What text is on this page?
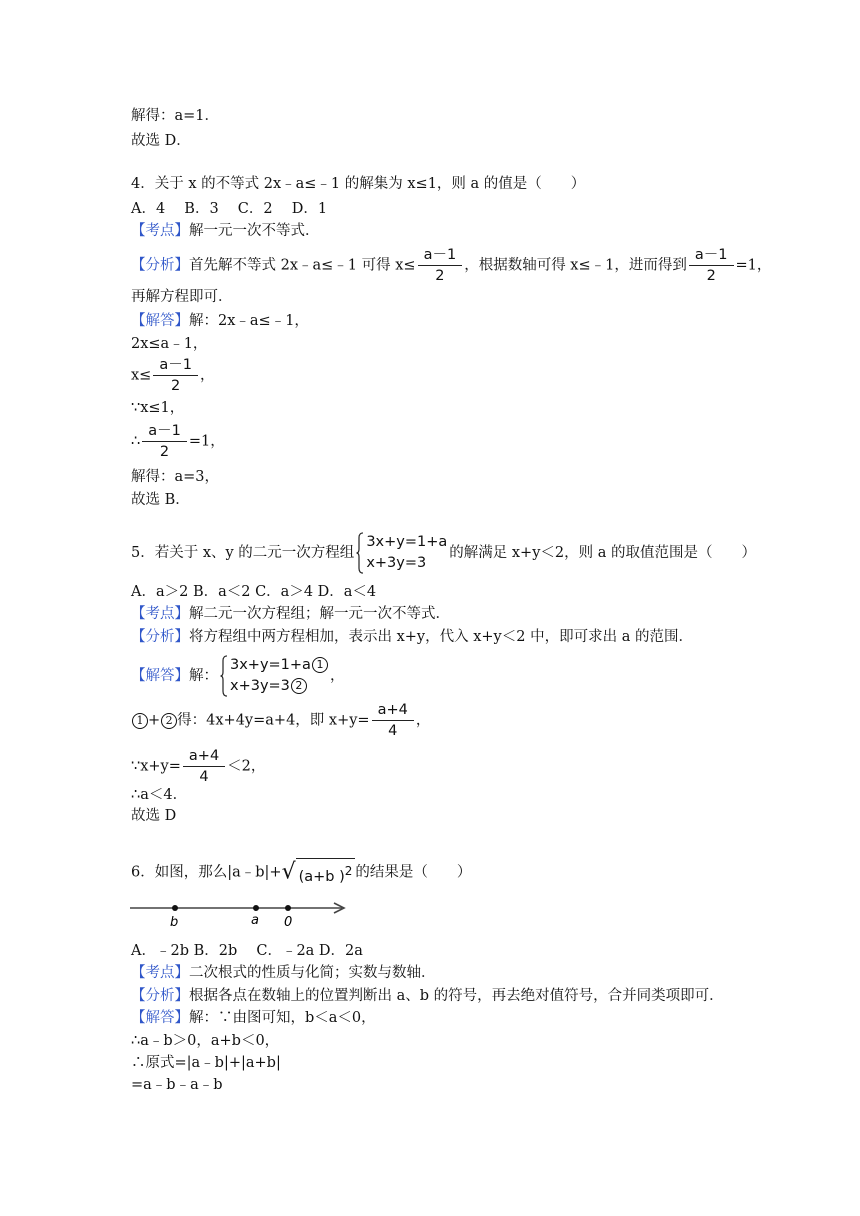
解得：a=1．
故选 D．
4．关于 x 的不等式 2x﹣a≤﹣1 的解集为 x≤1，则 a 的值是（　　）
A．4　 B．3　 C．2　 D．1
【考点】解一元一次不等式．
【分析】首先解不等式 2x﹣a≤﹣1 可得 $x\le \frac{a-1}{2}$ ，根据数轴可得 x≤﹣1，进而得到 $\frac{a-1}{2} =1$，
再解方程即可．
【解答】解：2x﹣a≤﹣1，
2x≤a﹣1，
$x\le \frac{a-1}{2}$ ，
∵x≤1，
∴ $\frac{a-1}{2} =1$，
解得：a=3，
故选 B．
5．若关于 x、y 的二元一次方程组
3x+y=1+a
x+3y=3
的解满足 x+y＜2，则 a 的取值范围是（　　）
A．a＞2 B．a＜2 C．a＞4 D．a＜4
【考点】解二元一次方程组；解一元一次不等式．
【分析】将方程组中两方程相加，表示出 x+y，代入 x+y＜2 中，即可求出 a 的范围．
【解答】解：
3x+y=1+a 1
x+3y=3 2
，
1 + 2 得：4x+4y=a+4，即 $x+y= \frac{a+4}{4}$ ，
∵x+y= $\frac{a+4}{4} <2$，
∴a＜4．
故选 D
6．如图，那么|a﹣b|+√ (a+b )$^2$ 的结果是（　　）
b	a 0
A．﹣2b B．2b　 C．﹣2a D．2a
【考点】二次根式的性质与化简；实数与数轴．
【分析】根据各点在数轴上的位置判断出 a、b 的符号，再去绝对值符号，合并同类项即可．
【解答】解：∵由图可知，b＜a＜0，
∴a﹣b＞0，a+b＜0，
∴原式=|a﹣b|+|a+b|
=a﹣b﹣a﹣b
